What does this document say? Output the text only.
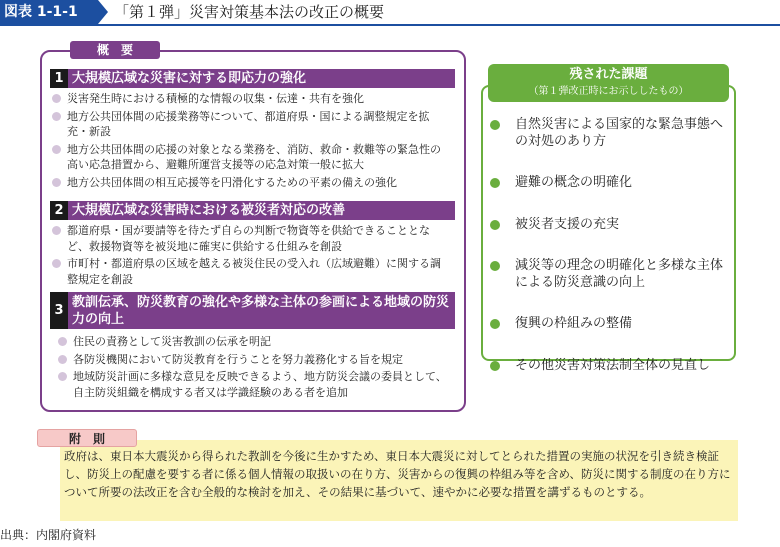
図表 1-1-1	「第１弾」災害対策基本法の改正の概要
概　要
1 大規模広域な災害に対する即応力の強化
災害発生時における積極的な情報の収集・伝達・共有を強化
地方公共団体間の応援業務等について、都道府県・国による調整規定を拡充・新設
地方公共団体間の応援の対象となる業務を、消防、救命・救難等の緊急性の高い応急措置から、避難所運営支援等の応急対策一般に拡大
地方公共団体間の相互応援等を円滑化するための平素の備えの強化
2 大規模広域な災害時における被災者対応の改善
都道府県・国が要請等を待たず自らの判断で物資等を供給できることとなど、救援物資等を被災地に確実に供給する仕組みを創設
市町村・都道府県の区域を越える被災住民の受入れ（広域避難）に関する調整規定を創設
3
教訓伝承、防災教育の強化や多様な主体の参画による地域の防災力の向上
住民の責務として災害教訓の伝承を明記
各防災機関において防災教育を行うことを努力義務化する旨を規定
地域防災計画に多様な意見を反映できるよう、地方防災会議の委員として、自主防災組織を構成する者又は学識経験のある者を追加
残された課題
（第１弾改正時にお示ししたもの）
自然災害による国家的な緊急事態への対処のあり方
避難の概念の明確化
被災者支援の充実
減災等の理念の明確化と多様な主体による防災意識の向上
復興の枠組みの整備
その他災害対策法制全体の見直し
附　則
政府は、東日本大震災から得られた教訓を今後に生かすため、東日本大震災に対してとられた措置の実施の状況を引き続き検証し、防災上の配慮を要する者に係る個人情報の取扱いの在り方、災害からの復興の枠組み等を含め、防災に関する制度の在り方について所要の法改正を含む全般的な検討を加え、その結果に基づいて、速やかに必要な措置を講ずるものとする。
出典：内閣府資料
